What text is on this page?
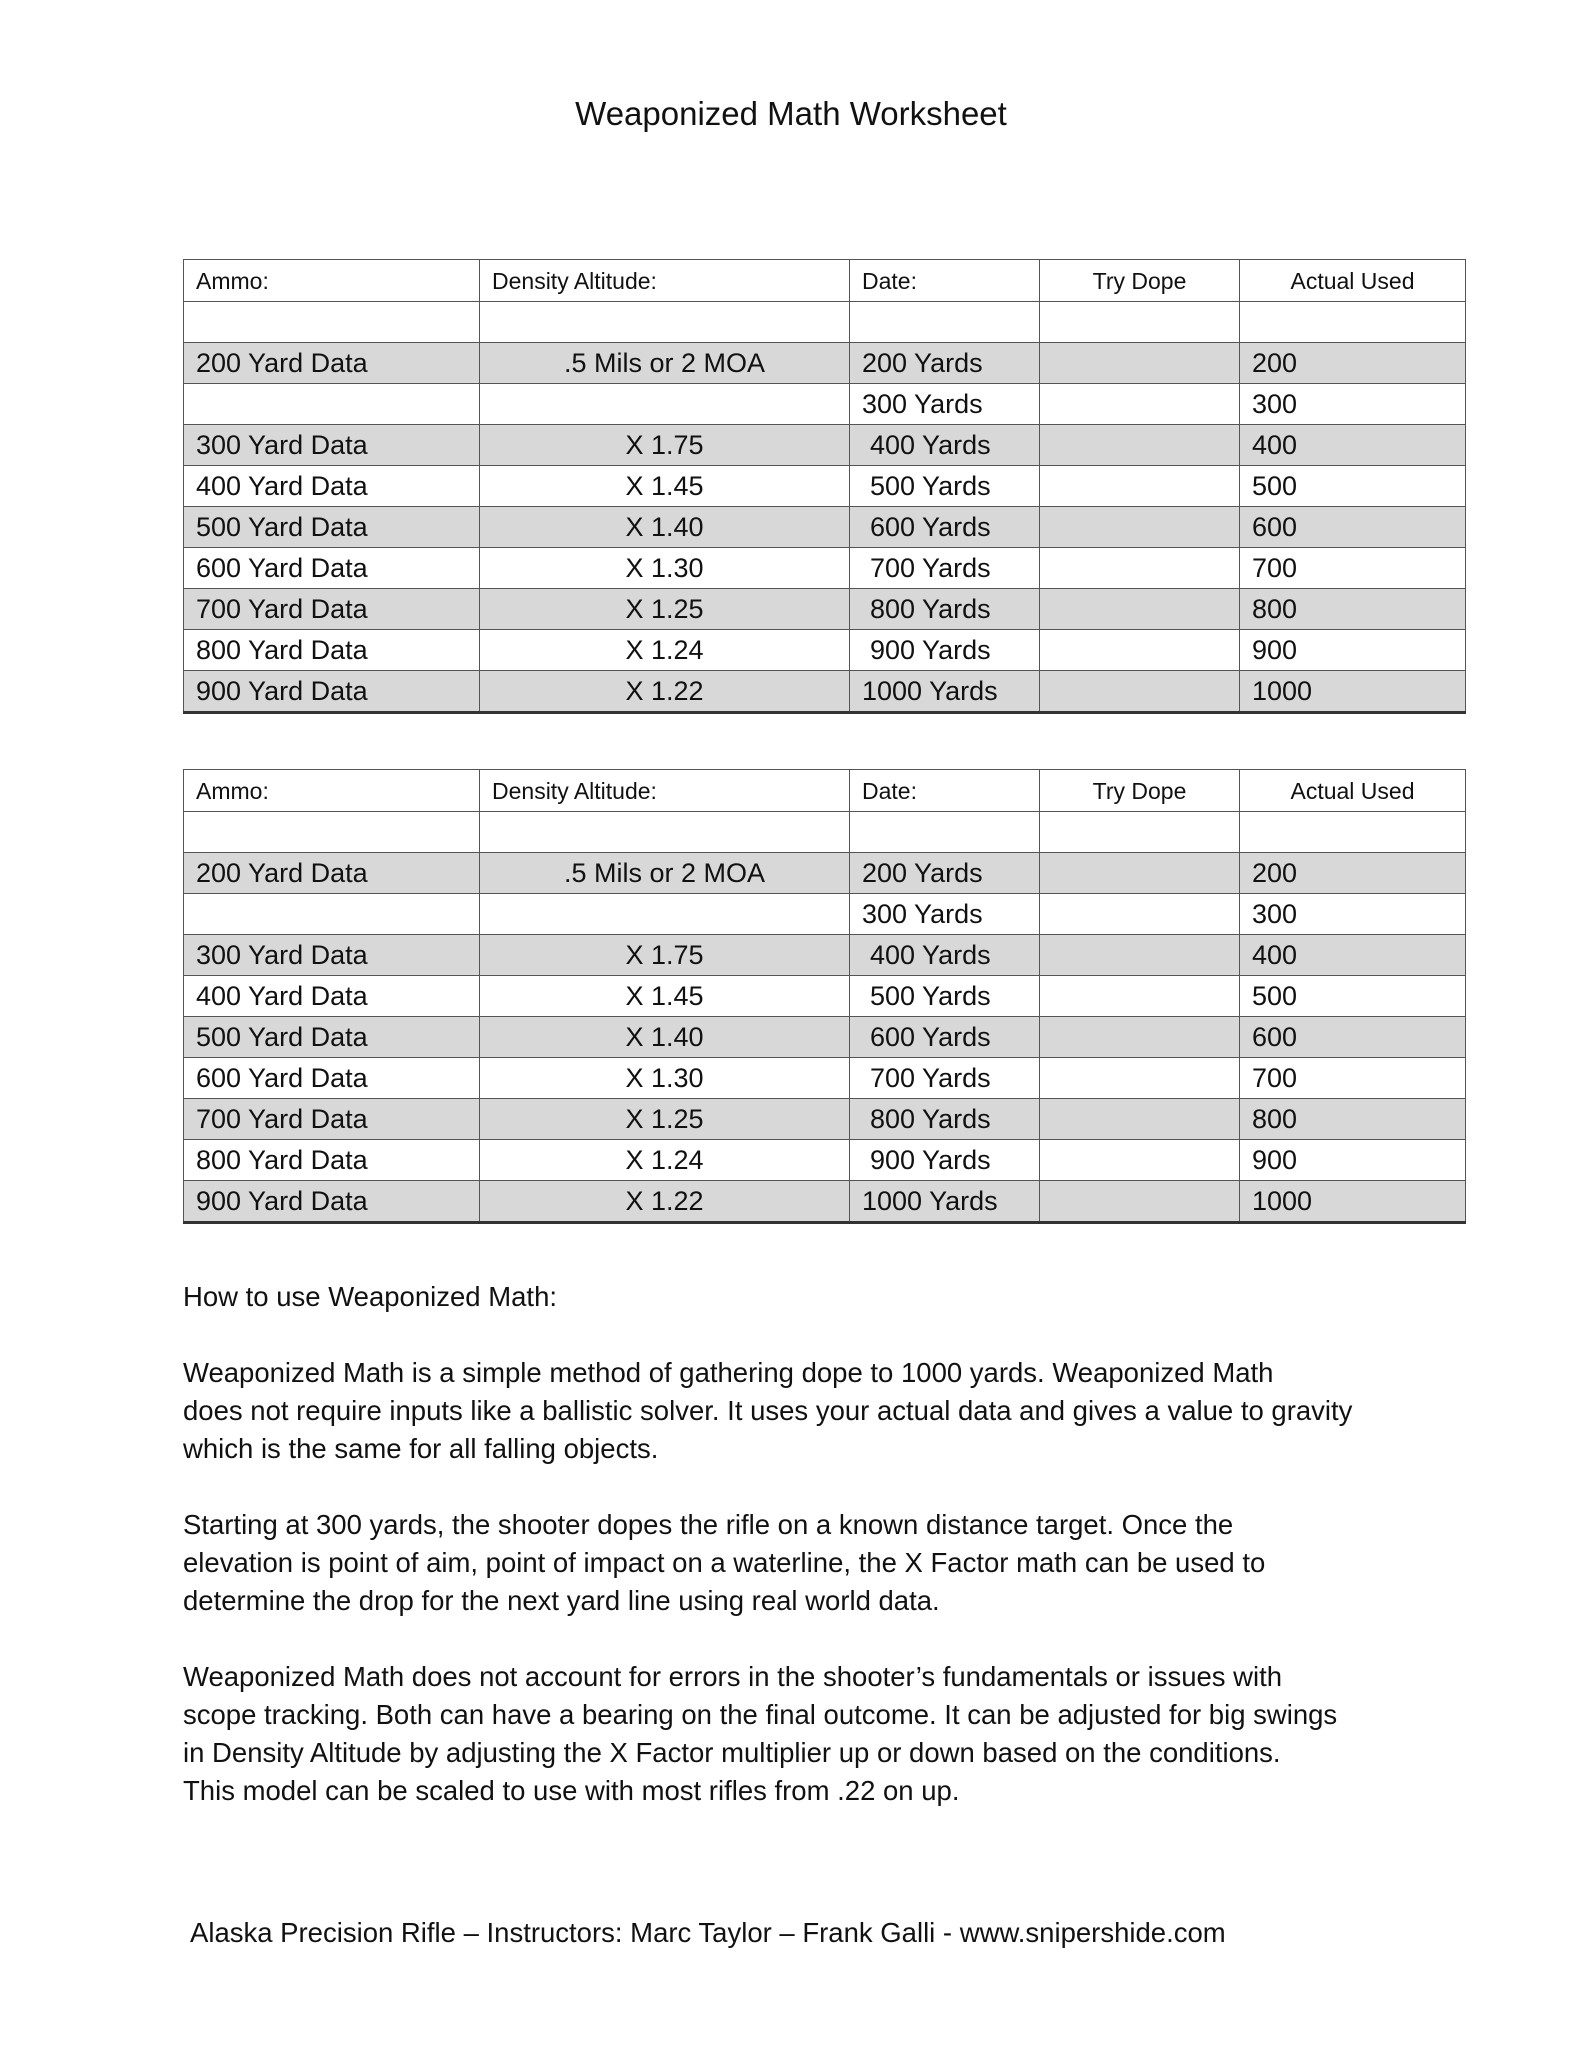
Weaponized Math Worksheet
Ammo:	Density Altitude:	Date:	Try Dope	Actual Used

200 Yard Data	.5 Mils or 2 MOA	200 Yards		200
		300 Yards		300
300 Yard Data	X 1.75	400 Yards		400
400 Yard Data	X 1.45	500 Yards		500
500 Yard Data	X 1.40	600 Yards		600
600 Yard Data	X 1.30	700 Yards		700
700 Yard Data	X 1.25	800 Yards		800
800 Yard Data	X 1.24	900 Yards		900
900 Yard Data	X 1.22	1000 Yards		1000
Ammo:	Density Altitude:	Date:	Try Dope	Actual Used

200 Yard Data	.5 Mils or 2 MOA	200 Yards		200
		300 Yards		300
300 Yard Data	X 1.75	400 Yards		400
400 Yard Data	X 1.45	500 Yards		500
500 Yard Data	X 1.40	600 Yards		600
600 Yard Data	X 1.30	700 Yards		700
700 Yard Data	X 1.25	800 Yards		800
800 Yard Data	X 1.24	900 Yards		900
900 Yard Data	X 1.22	1000 Yards		1000

How to use Weaponized Math:

Weaponized Math is a simple method of gathering dope to 1000 yards. Weaponized Math
does not require inputs like a ballistic solver. It uses your actual data and gives a value to gravity
which is the same for all falling objects.
Starting at 300 yards, the shooter dopes the rifle on a known distance target. Once the
elevation is point of aim, point of impact on a waterline, the X Factor math can be used to
determine the drop for the next yard line using real world data.
Weaponized Math does not account for errors in the shooter’s fundamentals or issues with
scope tracking. Both can have a bearing on the final outcome. It can be adjusted for big swings
in Density Altitude by adjusting the X Factor multiplier up or down based on the conditions.
This model can be scaled to use with most rifles from .22 on up.
Alaska Precision Rifle – Instructors: Marc Taylor – Frank Galli - www.snipershide.com
